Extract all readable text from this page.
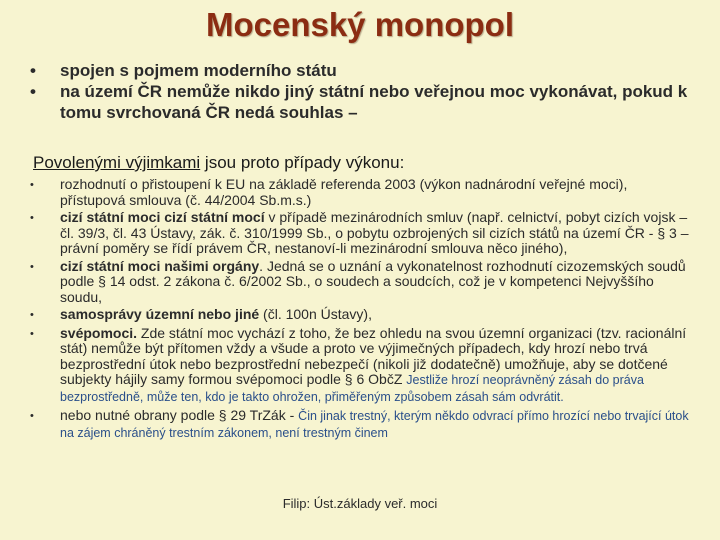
Mocenský monopol
•	spojen s pojmem moderního státu
•	na území ČR nemůže nikdo jiný státní nebo veřejnou moc vykonávat, pokud k tomu svrchovaná ČR nedá souhlas –
Povolenými výjimkami jsou proto případy výkonu:
•	rozhodnutí o přistoupení k EU na základě referenda 2003 (výkon nadnárodní veřejné moci), přístupová smlouva (č. 44/2004 Sb.m.s.)
•	cizí státní moci cizí státní mocí v případě mezinárodních smluv (např. celnictví, pobyt cizích vojsk – čl. 39/3, čl. 43 Ústavy, zák. č. 310/1999 Sb., o pobytu ozbrojených sil cizích států na území ČR - § 3 – právní poměry se řídí právem ČR, nestanoví-li mezinárodní smlouva něco jiného),
•	cizí státní moci našimi orgány. Jedná se o uznání a vykonatelnost rozhodnutí cizozemských soudů podle § 14 odst. 2 zákona č. 6/2002 Sb., o soudech a soudcích, což je v kompetenci Nejvyššího soudu,
•	samosprávy územní nebo jiné (čl. 100n Ústavy),
•	svépomoci. Zde státní moc vychází z toho, že bez ohledu na svou územní organizaci (tzv. racionální stát) nemůže být přítomen vždy a všude a proto ve výjimečných případech, kdy hrozí nebo trvá bezprostřední útok nebo bezprostřední nebezpečí (nikoli již dodatečně) umožňuje, aby se dotčené subjekty hájily samy formou svépomoci podle § 6 ObčZ Jestliže hrozí neoprávněný zásah do práva bezprostředně, může ten, kdo je takto ohrožen, přiměřeným způsobem zásah sám odvrátit.
•	nebo nutné obrany podle § 29 TrZák - Čin jinak trestný, kterým někdo odvrací přímo hrozící nebo trvající útok na zájem chráněný trestním zákonem, není trestným činem
Filip: Úst.základy veř. moci
